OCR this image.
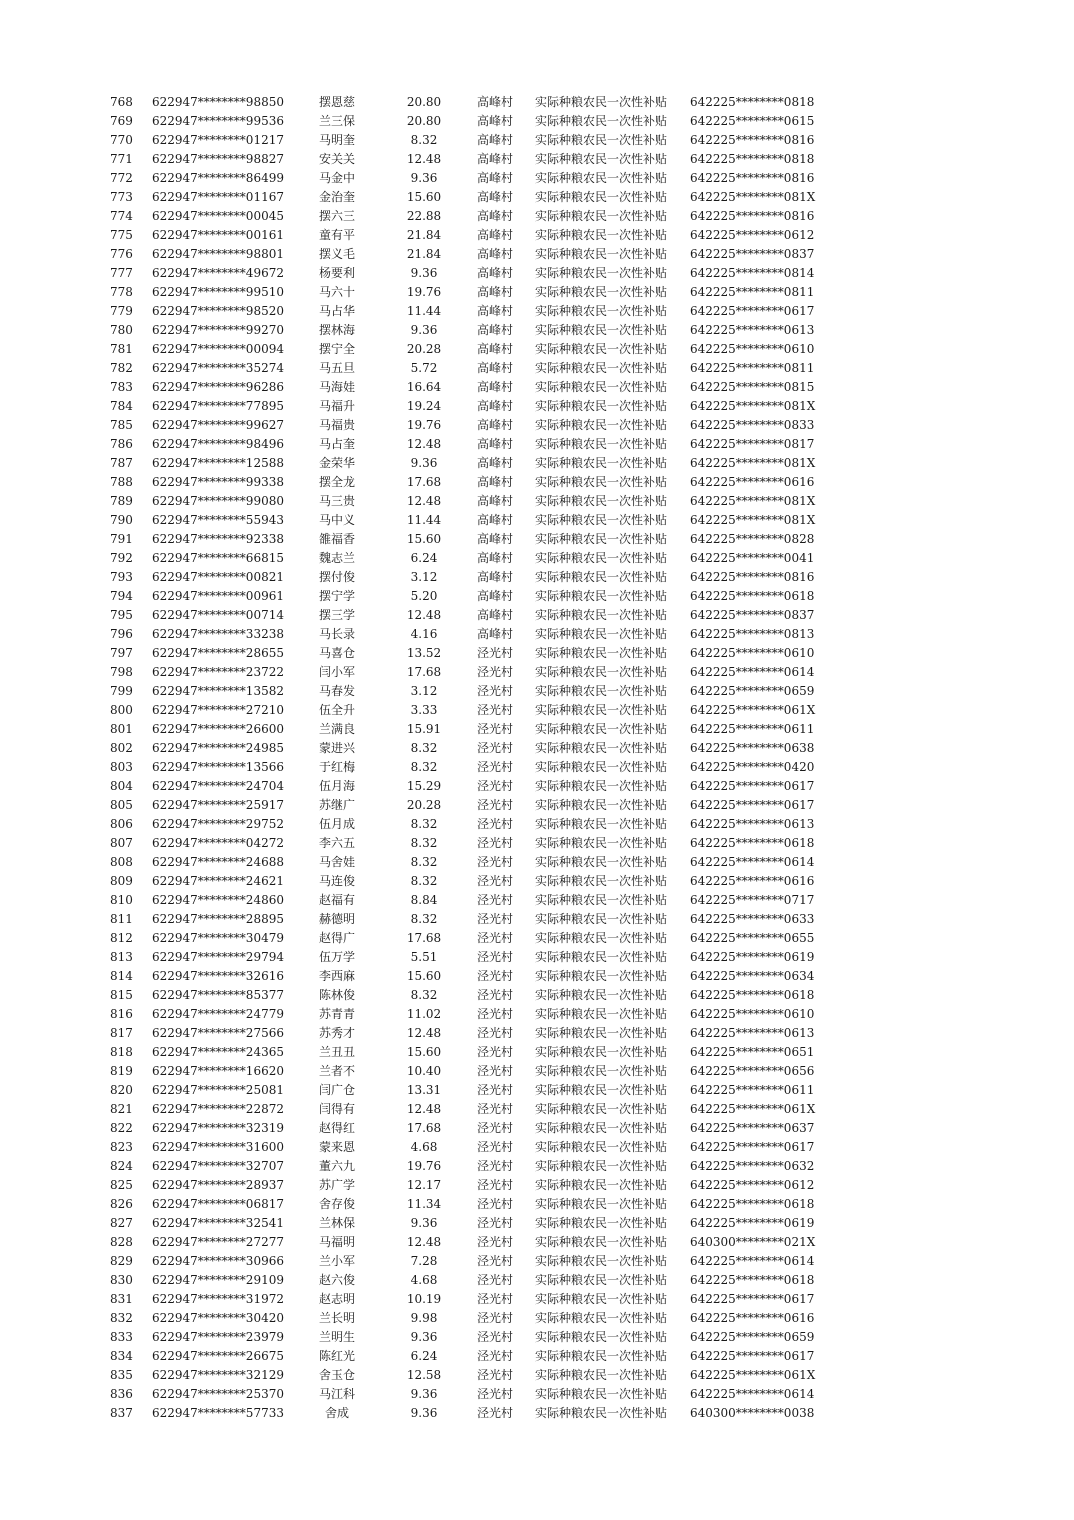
768	622947********98850	摆恩慈	20.80	高峰村	实际种粮农民一次性补贴	642225********0818
769	622947********99536	兰三保	20.80	高峰村	实际种粮农民一次性补贴	642225********0615
770	622947********01217	马明奎	8.32	高峰村	实际种粮农民一次性补贴	642225********0816
771	622947********98827	安关关	12.48	高峰村	实际种粮农民一次性补贴	642225********0818
772	622947********86499	马金中	9.36	高峰村	实际种粮农民一次性补贴	642225********0816
773	622947********01167	金治奎	15.60	高峰村	实际种粮农民一次性补贴	642225********081X
774	622947********00045	摆六三	22.88	高峰村	实际种粮农民一次性补贴	642225********0816
775	622947********00161	童有平	21.84	高峰村	实际种粮农民一次性补贴	642225********0612
776	622947********98801	摆义毛	21.84	高峰村	实际种粮农民一次性补贴	642225********0837
777	622947********49672	杨要利	9.36	高峰村	实际种粮农民一次性补贴	642225********0814
778	622947********99510	马六十	19.76	高峰村	实际种粮农民一次性补贴	642225********0811
779	622947********98520	马占华	11.44	高峰村	实际种粮农民一次性补贴	642225********0617
780	622947********99270	摆林海	9.36	高峰村	实际种粮农民一次性补贴	642225********0613
781	622947********00094	摆宁全	20.28	高峰村	实际种粮农民一次性补贴	642225********0610
782	622947********35274	马五旦	5.72	高峰村	实际种粮农民一次性补贴	642225********0811
783	622947********96286	马海娃	16.64	高峰村	实际种粮农民一次性补贴	642225********0815
784	622947********77895	马福升	19.24	高峰村	实际种粮农民一次性补贴	642225********081X
785	622947********99627	马福贵	19.76	高峰村	实际种粮农民一次性补贴	642225********0833
786	622947********98496	马占奎	12.48	高峰村	实际种粮农民一次性补贴	642225********0817
787	622947********12588	金荣华	9.36	高峰村	实际种粮农民一次性补贴	642225********081X
788	622947********99338	摆全龙	17.68	高峰村	实际种粮农民一次性补贴	642225********0616
789	622947********99080	马三贵	12.48	高峰村	实际种粮农民一次性补贴	642225********081X
790	622947********55943	马中义	11.44	高峰村	实际种粮农民一次性补贴	642225********081X
791	622947********92338	雒福香	15.60	高峰村	实际种粮农民一次性补贴	642225********0828
792	622947********66815	魏志兰	6.24	高峰村	实际种粮农民一次性补贴	642225********0041
793	622947********00821	摆付俊	3.12	高峰村	实际种粮农民一次性补贴	642225********0816
794	622947********00961	摆宁学	5.20	高峰村	实际种粮农民一次性补贴	642225********0618
795	622947********00714	摆三学	12.48	高峰村	实际种粮农民一次性补贴	642225********0837
796	622947********33238	马长录	4.16	高峰村	实际种粮农民一次性补贴	642225********0813
797	622947********28655	马喜仓	13.52	泾光村	实际种粮农民一次性补贴	642225********0610
798	622947********23722	闫小军	17.68	泾光村	实际种粮农民一次性补贴	642225********0614
799	622947********13582	马春发	3.12	泾光村	实际种粮农民一次性补贴	642225********0659
800	622947********27210	伍全升	3.33	泾光村	实际种粮农民一次性补贴	642225********061X
801	622947********26600	兰满良	15.91	泾光村	实际种粮农民一次性补贴	642225********0611
802	622947********24985	蒙进兴	8.32	泾光村	实际种粮农民一次性补贴	642225********0638
803	622947********13566	于红梅	8.32	泾光村	实际种粮农民一次性补贴	642225********0420
804	622947********24704	伍月海	15.29	泾光村	实际种粮农民一次性补贴	642225********0617
805	622947********25917	苏继广	20.28	泾光村	实际种粮农民一次性补贴	642225********0617
806	622947********29752	伍月成	8.32	泾光村	实际种粮农民一次性补贴	642225********0613
807	622947********04272	李六五	8.32	泾光村	实际种粮农民一次性补贴	642225********0618
808	622947********24688	马舍娃	8.32	泾光村	实际种粮农民一次性补贴	642225********0614
809	622947********24621	马连俊	8.32	泾光村	实际种粮农民一次性补贴	642225********0616
810	622947********24860	赵福有	8.84	泾光村	实际种粮农民一次性补贴	642225********0717
811	622947********28895	赫德明	8.32	泾光村	实际种粮农民一次性补贴	642225********0633
812	622947********30479	赵得广	17.68	泾光村	实际种粮农民一次性补贴	642225********0655
813	622947********29794	伍万学	5.51	泾光村	实际种粮农民一次性补贴	642225********0619
814	622947********32616	李西麻	15.60	泾光村	实际种粮农民一次性补贴	642225********0634
815	622947********85377	陈林俊	8.32	泾光村	实际种粮农民一次性补贴	642225********0618
816	622947********24779	苏青青	11.02	泾光村	实际种粮农民一次性补贴	642225********0610
817	622947********27566	苏秀才	12.48	泾光村	实际种粮农民一次性补贴	642225********0613
818	622947********24365	兰丑丑	15.60	泾光村	实际种粮农民一次性补贴	642225********0651
819	622947********16620	兰者不	10.40	泾光村	实际种粮农民一次性补贴	642225********0656
820	622947********25081	闫广仓	13.31	泾光村	实际种粮农民一次性补贴	642225********0611
821	622947********22872	闫得有	12.48	泾光村	实际种粮农民一次性补贴	642225********061X
822	622947********32319	赵得红	17.68	泾光村	实际种粮农民一次性补贴	642225********0637
823	622947********31600	蒙来恩	4.68	泾光村	实际种粮农民一次性补贴	642225********0617
824	622947********32707	董六九	19.76	泾光村	实际种粮农民一次性补贴	642225********0632
825	622947********28937	苏广学	12.17	泾光村	实际种粮农民一次性补贴	642225********0612
826	622947********06817	舍存俊	11.34	泾光村	实际种粮农民一次性补贴	642225********0618
827	622947********32541	兰林保	9.36	泾光村	实际种粮农民一次性补贴	642225********0619
828	622947********27277	马福明	12.48	泾光村	实际种粮农民一次性补贴	640300********021X
829	622947********30966	兰小军	7.28	泾光村	实际种粮农民一次性补贴	642225********0614
830	622947********29109	赵六俊	4.68	泾光村	实际种粮农民一次性补贴	642225********0618
831	622947********31972	赵志明	10.19	泾光村	实际种粮农民一次性补贴	642225********0617
832	622947********30420	兰长明	9.98	泾光村	实际种粮农民一次性补贴	642225********0616
833	622947********23979	兰明生	9.36	泾光村	实际种粮农民一次性补贴	642225********0659
834	622947********26675	陈红光	6.24	泾光村	实际种粮农民一次性补贴	642225********0617
835	622947********32129	舍玉仓	12.58	泾光村	实际种粮农民一次性补贴	642225********061X
836	622947********25370	马江科	9.36	泾光村	实际种粮农民一次性补贴	642225********0614
837	622947********57733	舍成	9.36	泾光村	实际种粮农民一次性补贴	640300********0038
